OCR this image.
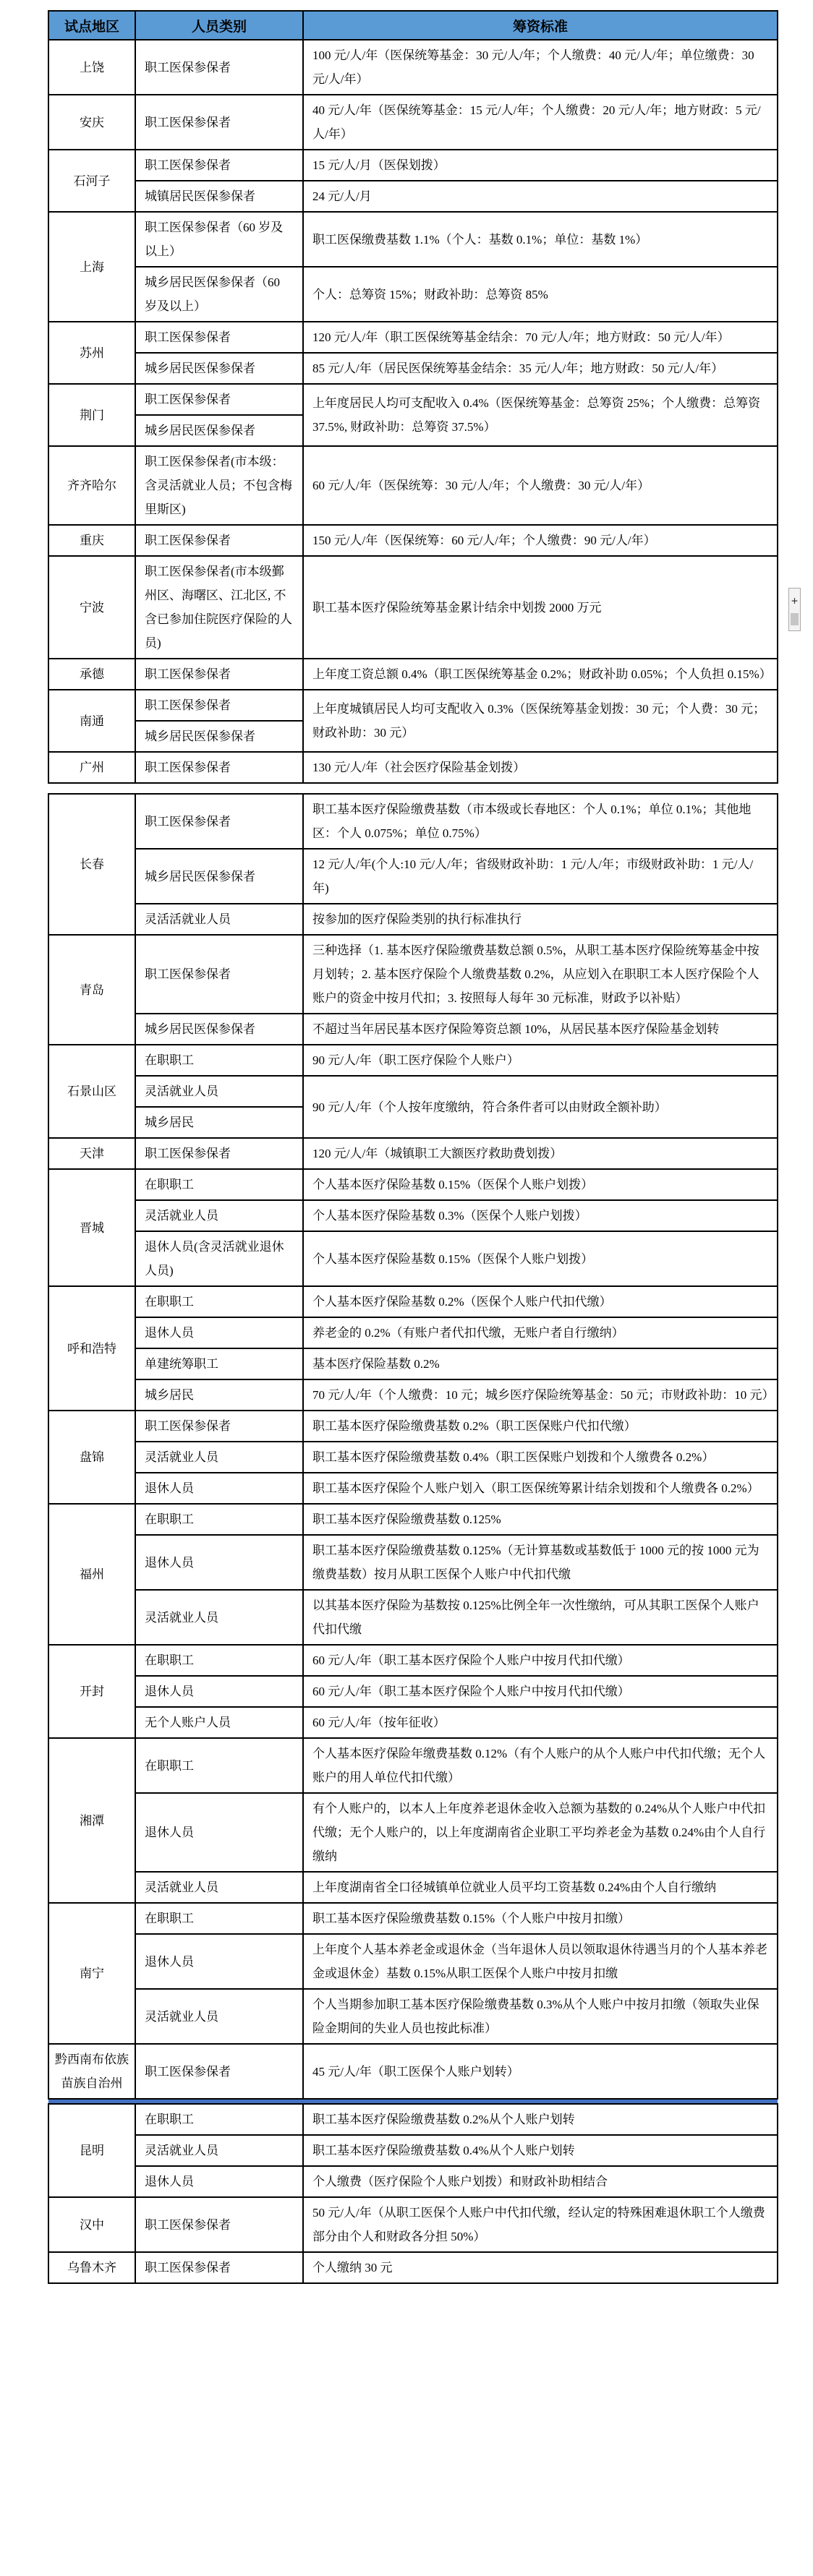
试点地区	人员类别	筹资标准
上饶	职工医保参保者	100 元/人/年（医保统筹基金：30 元/人/年；个人缴费：40 元/人/年；单位缴费：30 元/人/年）
安庆	职工医保参保者	40 元/人/年（医保统筹基金：15 元/人/年；个人缴费：20 元/人/年；地方财政：5 元/人/年）
石河子	职工医保参保者	15 元/人/月（医保划拨）
	城镇居民医保参保者	24 元/人/月
上海	职工医保参保者（60 岁及以上）	职工医保缴费基数 1.1%（个人：基数 0.1%；单位：基数 1%）
	城乡居民医保参保者（60 岁及以上）	个人：总筹资 15%；财政补助：总筹资 85%
苏州	职工医保参保者	120 元/人/年（职工医保统筹基金结余：70 元/人/年；地方财政：50 元/人/年）
	城乡居民医保参保者	85 元/人/年（居民医保统筹基金结余：35 元/人/年；地方财政：50 元/人/年）
荆门	职工医保参保者	上年度居民人均可支配收入 0.4%（医保统筹基金：总筹资 25%；个人缴费：总筹资 37.5%, 财政补助：总筹资 37.5%）
	城乡居民医保参保者	
齐齐哈尔	职工医保参保者(市本级：含灵活就业人员；不包含梅里斯区)	60 元/人/年（医保统筹：30 元/人/年；个人缴费：30 元/人/年）
重庆	职工医保参保者	150 元/人/年（医保统筹：60 元/人/年；个人缴费：90 元/人/年）
宁波	职工医保参保者(市本级鄞州区、海曙区、江北区, 不含已参加住院医疗保险的人员)	职工基本医疗保险统筹基金累计结余中划拨 2000 万元
承德	职工医保参保者	上年度工资总额 0.4%（职工医保统筹基金 0.2%；财政补助 0.05%；个人负担 0.15%）
南通	职工医保参保者	上年度城镇居民人均可支配收入 0.3%（医保统筹基金划拨：30 元；个人费：30 元；财政补助：30 元）
	城乡居民医保参保者	
广州	职工医保参保者	130 元/人/年（社会医疗保险基金划拨）

长春	职工医保参保者	职工基本医疗保险缴费基数（市本级或长春地区：个人 0.1%；单位 0.1%；其他地区：个人 0.075%；单位 0.75%）
	城乡居民医保参保者	12 元/人/年(个人:10 元/人/年；省级财政补助：1 元/人/年；市级财政补助：1 元/人/年)
	灵活活就业人员	按参加的医疗保险类别的执行标准执行
青岛	职工医保参保者	三种选择（1. 基本医疗保险缴费基数总额 0.5%，从职工基本医疗保险统筹基金中按月划转；2. 基本医疗保险个人缴费基数 0.2%，从应划入在职职工本人医疗保险个人账户的资金中按月代扣；3. 按照每人每年 30 元标准，财政予以补贴）
	城乡居民医保参保者	不超过当年居民基本医疗保险筹资总额 10%，从居民基本医疗保险基金划转
石景山区	在职职工	90 元/人/年（职工医疗保险个人账户）
	灵活就业人员	90 元/人/年（个人按年度缴纳，符合条件者可以由财政全额补助）
	城乡居民	
天津	职工医保参保者	120 元/人/年（城镇职工大额医疗救助费划拨）
晋城	在职职工	个人基本医疗保险基数 0.15%（医保个人账户划拨）
	灵活就业人员	个人基本医疗保险基数 0.3%（医保个人账户划拨）
	退休人员(含灵活就业退休人员)	个人基本医疗保险基数 0.15%（医保个人账户划拨）
呼和浩特	在职职工	个人基本医疗保险基数 0.2%（医保个人账户代扣代缴）
	退休人员	养老金的 0.2%（有账户者代扣代缴，无账户者自行缴纳）
	单建统筹职工	基本医疗保险基数 0.2%
	城乡居民	70 元/人/年（个人缴费：10 元；城乡医疗保险统筹基金：50 元；市财政补助：10 元）
盘锦	职工医保参保者	职工基本医疗保险缴费基数 0.2%（职工医保账户代扣代缴）
	灵活就业人员	职工基本医疗保险缴费基数 0.4%（职工医保账户划拨和个人缴费各 0.2%）
	退休人员	职工基本医疗保险个人账户划入（职工医保统筹累计结余划拨和个人缴费各 0.2%）
福州	在职职工	职工基本医疗保险缴费基数 0.125%
	退休人员	职工基本医疗保险缴费基数 0.125%（无计算基数或基数低于 1000 元的按 1000 元为缴费基数）按月从职工医保个人账户中代扣代缴
	灵活就业人员	以其基本医疗保险为基数按 0.125%比例全年一次性缴纳，可从其职工医保个人账户代扣代缴
开封	在职职工	60 元/人/年（职工基本医疗保险个人账户中按月代扣代缴）
	退休人员	60 元/人/年（职工基本医疗保险个人账户中按月代扣代缴）
	无个人账户人员	60 元/人/年（按年征收）
湘潭	在职职工	个人基本医疗保险年缴费基数 0.12%（有个人账户的从个人账户中代扣代缴；无个人账户的用人单位代扣代缴）
	退休人员	有个人账户的，以本人上年度养老退休金收入总额为基数的 0.24%从个人账户中代扣代缴；无个人账户的，以上年度湖南省企业职工平均养老金为基数 0.24%由个人自行缴纳
	灵活就业人员	上年度湖南省全口径城镇单位就业人员平均工资基数 0.24%由个人自行缴纳
南宁	在职职工	职工基本医疗保险缴费基数 0.15%（个人账户中按月扣缴）
	退休人员	上年度个人基本养老金或退休金（当年退休人员以领取退休待遇当月的个人基本养老金或退休金）基数 0.15%从职工医保个人账户中按月扣缴
	灵活就业人员	个人当期参加职工基本医疗保险缴费基数 0.3%从个人账户中按月扣缴（领取失业保险金期间的失业人员也按此标准）
黔西南布依族苗族自治州	职工医保参保者	45 元/人/年（职工医保个人账户划转）

昆明	在职职工	职工基本医疗保险缴费基数 0.2%从个人账户划转
	灵活就业人员	职工基本医疗保险缴费基数 0.4%从个人账户划转
	退休人员	个人缴费（医疗保险个人账户划拨）和财政补助相结合
汉中	职工医保参保者	50 元/人/年（从职工医保个人账户中代扣代缴，经认定的特殊困难退休职工个人缴费部分由个人和财政各分担 50%）
乌鲁木齐	职工医保参保者	个人缴纳 30 元
+
